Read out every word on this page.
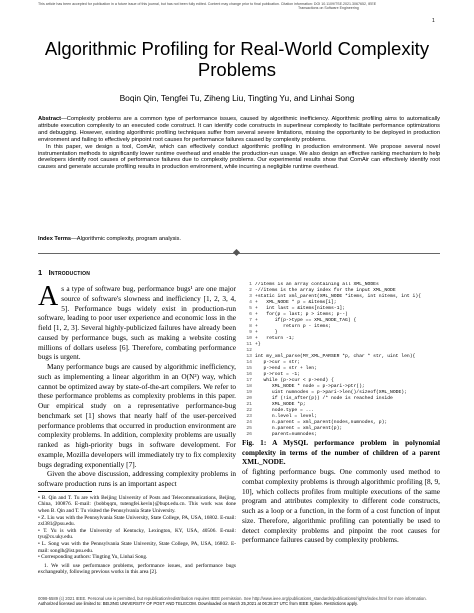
This article has been accepted for publication in a future issue of this journal, but has not been fully edited. Content may change prior to final publication. Citation information: DOI 10.1109/TSE.2021.3067652, IEEE
Transactions on Software Engineering
1
Algorithmic Profiling for Real-World Complexity
Problems
Boqin Qin, Tengfei Tu, Ziheng Liu, Tingting Yu, and Linhai Song

Abstract—Complexity problems are a common type of performance issues, caused by algorithmic inefficiency. Algorithmic profiling aims to automatically attribute execution complexity to an executed code construct. It can identify code constructs in superlinear complexity to facilitate performance optimizations and debugging. However, existing algorithmic profiling techniques suffer from several severe limitations, missing the opportunity to be deployed in production environment and failing to effectively pinpoint root causes for performance failures caused by complexity problems.

In this paper, we design a tool, ComAir, which can effectively conduct algorithmic profiling in production environment. We propose several novel instrumentation methods to significantly lower runtime overhead and enable the production-run usage. We also design an effective ranking mechanism to help developers identify root causes of performance failures due to complexity problems. Our experimental results show that ComAir can effectively identify root causes and generate accurate profiling results in production environment, while incurring a negligible runtime overhead.

Index Terms—Algorithmic complexity, program analysis.
1 Introduction

As a type of software bug, performance bugs¹ are one major source of software's slowness and inefficiency [1, 2, 3, 4, 5]. Performance bugs widely exist in production-run software, leading to poor user experience and economic loss in the field [1, 2, 3]. Several highly-publicized failures have already been caused by performance bugs, such as making a website costing millions of dollars useless [6]. Therefore, combating performance bugs is urgent.

Many performance bugs are caused by algorithmic inefficiency, such as implementing a linear algorithm in an O(N²) way, which cannot be optimized away by state-of-the-art compilers. We refer to these performance problems as complexity problems in this paper. Our empirical study on a representative performance-bug benchmark set [1] shows that nearly half of the user-perceived performance problems that occurred in production environment are complexity problems. In addition, complexity problems are usually ranked as high-priority bugs in software development. For example, Mozilla developers will immediately try to fix complexity bugs degrading exponentially [7].

Given the above discussion, addressing complexity problems in software production runs is an important aspect

• B. Qin and T. Tu are with Beijing University of Posts and Telecommunications, Beijing, China, 100876. E-mail: {bobbqqm, tutengfei.kevin}@bupt.edu.cn. This work was done when B. Qin and T. Tu visited the Pennsylvania State University.

• Z. Liu was with the Pennsylvania State University, State College, PA, USA, 16802. E-mail: zxl381@psu.edu.

• T. Yu is with the University of Kentucky, Lexington, KY, USA, 40506. E-mail: tyu@cs.uky.edu.

• L. Song was with the Pennsylvania State University, State College, PA, USA, 16802. E-mail: songlh@ist.psu.edu.

• Corresponding authors: Tingting Yu, Linhai Song.

1. We will use performance problems, performance issues, and performance bugs exchangeably, following previous works in this area [2].

1 //items is an array containing all XML_NODEs
2 -//items is the array index for the input XML_NODE
3 +static int xml_parent(XML_NODE *items, int nitems, int i){
4 +   XML_NODE * p = &items[i];
5 +   int last = &items[nitems-1];
6 +   for(p = last; p > items; p--)
7 +      if(p->type == XML_NODE_TAG) {
8 +         return p - items;
9 +      }
10 +   return -1;
11 +}
12
13 int my_xml_parse(MY_XML_PARSER *p, char * str, uint len){
14   p->cur = str;
15   p->end = str + len;
16   p->root = -1;
17   while (p->cur < p->end) {
18      XML_NODE * node = p->pari->ptr();
19      uint numnodes = p->pari->len()/sizeof(XML_NODE);
20      if (!is_after(p)) /* node is reached inside
21      XML_NODE *p;
22      node.type = ...
23      n.level = level;
24      n.parent = xml_parent(nodes,numnodes, p);
25      n.parent = xml_parent(p);
26      parent=numnodes;
Fig. 1: A MySQL performance problem in polynomial complexity in terms of the number of children of a parent XML_NODE.

of fighting performance bugs. One commonly used method to combat complexity problems is through algorithmic profiling [8, 9, 10], which collects profiles from multiple executions of the same program and attributes complexity to different code constructs, such as a loop or a function, in the form of a cost function of input size. Therefore, algorithmic profiling can potentially be used to detect complexity problems and pinpoint the root causes for performance failures caused by complexity problems.

0098-5589 (c) 2021 IEEE. Personal use is permitted, but republication/redistribution requires IEEE permission. See http://www.ieee.org/publications_standards/publications/rights/index.html for more information.
Authorized licensed use limited to: BEIJING UNIVERSITY OF POST AND TELECOM. Downloaded on March 25,2021 at 06:28:37 UTC from IEEE Xplore. Restrictions apply.
